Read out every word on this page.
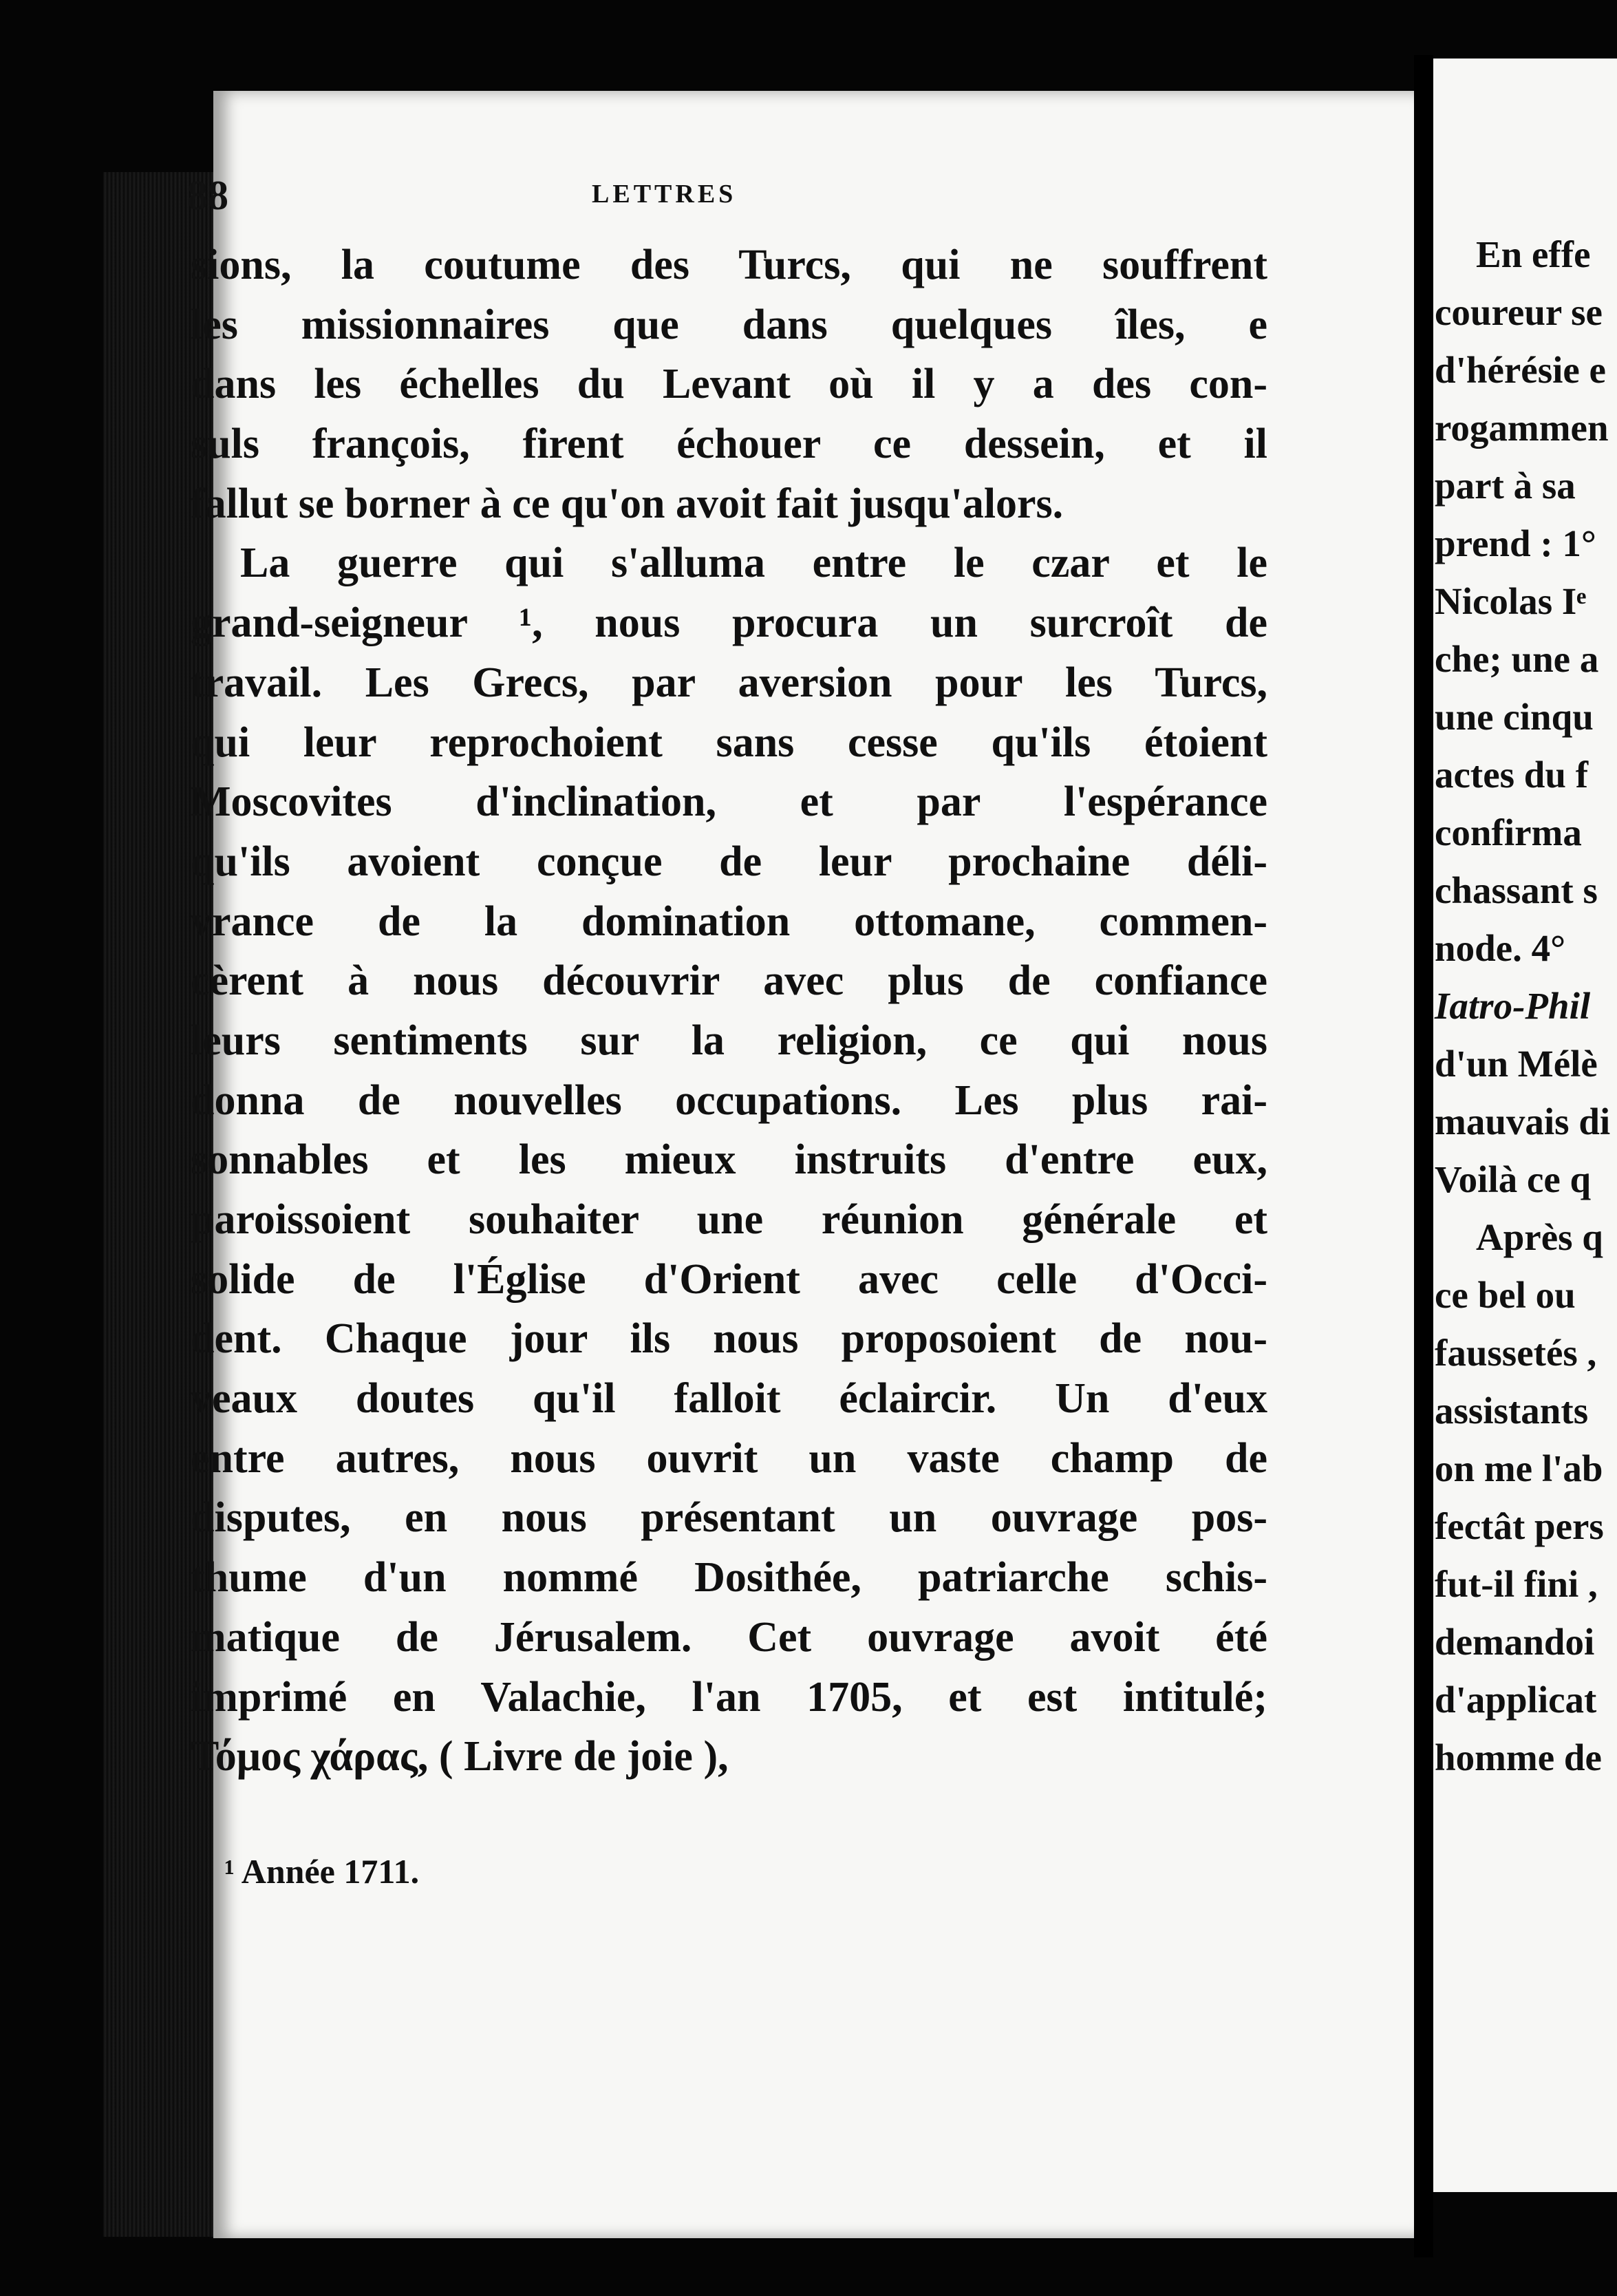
88	LETTRES
sions, la coutume des Turcs, qui ne souffrent
les missionnaires que dans quelques îles, e
dans les échelles du Levant où il y a des con-
suls françois, firent échouer ce dessein, et il
fallut se borner à ce qu'on avoit fait jusqu'alors.
La guerre qui s'alluma entre le czar et le
grand-seigneur ¹, nous procura un surcroît de
travail. Les Grecs, par aversion pour les Turcs,
qui leur reprochoient sans cesse qu'ils étoient
Moscovites d'inclination, et par l'espérance
qu'ils avoient conçue de leur prochaine déli-
vrance de la domination ottomane, commen-
cèrent à nous découvrir avec plus de confiance
leurs sentiments sur la religion, ce qui nous
donna de nouvelles occupations. Les plus rai-
sonnables et les mieux instruits d'entre eux,
paroissoient souhaiter une réunion générale et
solide de l'Église d'Orient avec celle d'Occi-
dent. Chaque jour ils nous proposoient de nou-
veaux doutes qu'il falloit éclaircir. Un d'eux
entre autres, nous ouvrit un vaste champ de
disputes, en nous présentant un ouvrage pos-
thume d'un nommé Dosithée, patriarche schis-
matique de Jérusalem. Cet ouvrage avoit été
imprimé en Valachie, l'an 1705, et est intitulé;
Τόμος χάρας, ( Livre de joie ),
¹ Année 1711.
En effe
coureur se
d'hérésie e
rogammen
part à sa
prend : 1°
Nicolas Iᵉ
che; une a
une cinqu
actes du f
confirma
chassant s
node. 4°
Iatro-Phil
d'un Mélè
mauvais di
Voilà ce q
Après q
ce bel ou
faussetés ,
assistants
on me l'ab
fectât pers
fut-il fini ,
demandoi
d'applicat
homme de
